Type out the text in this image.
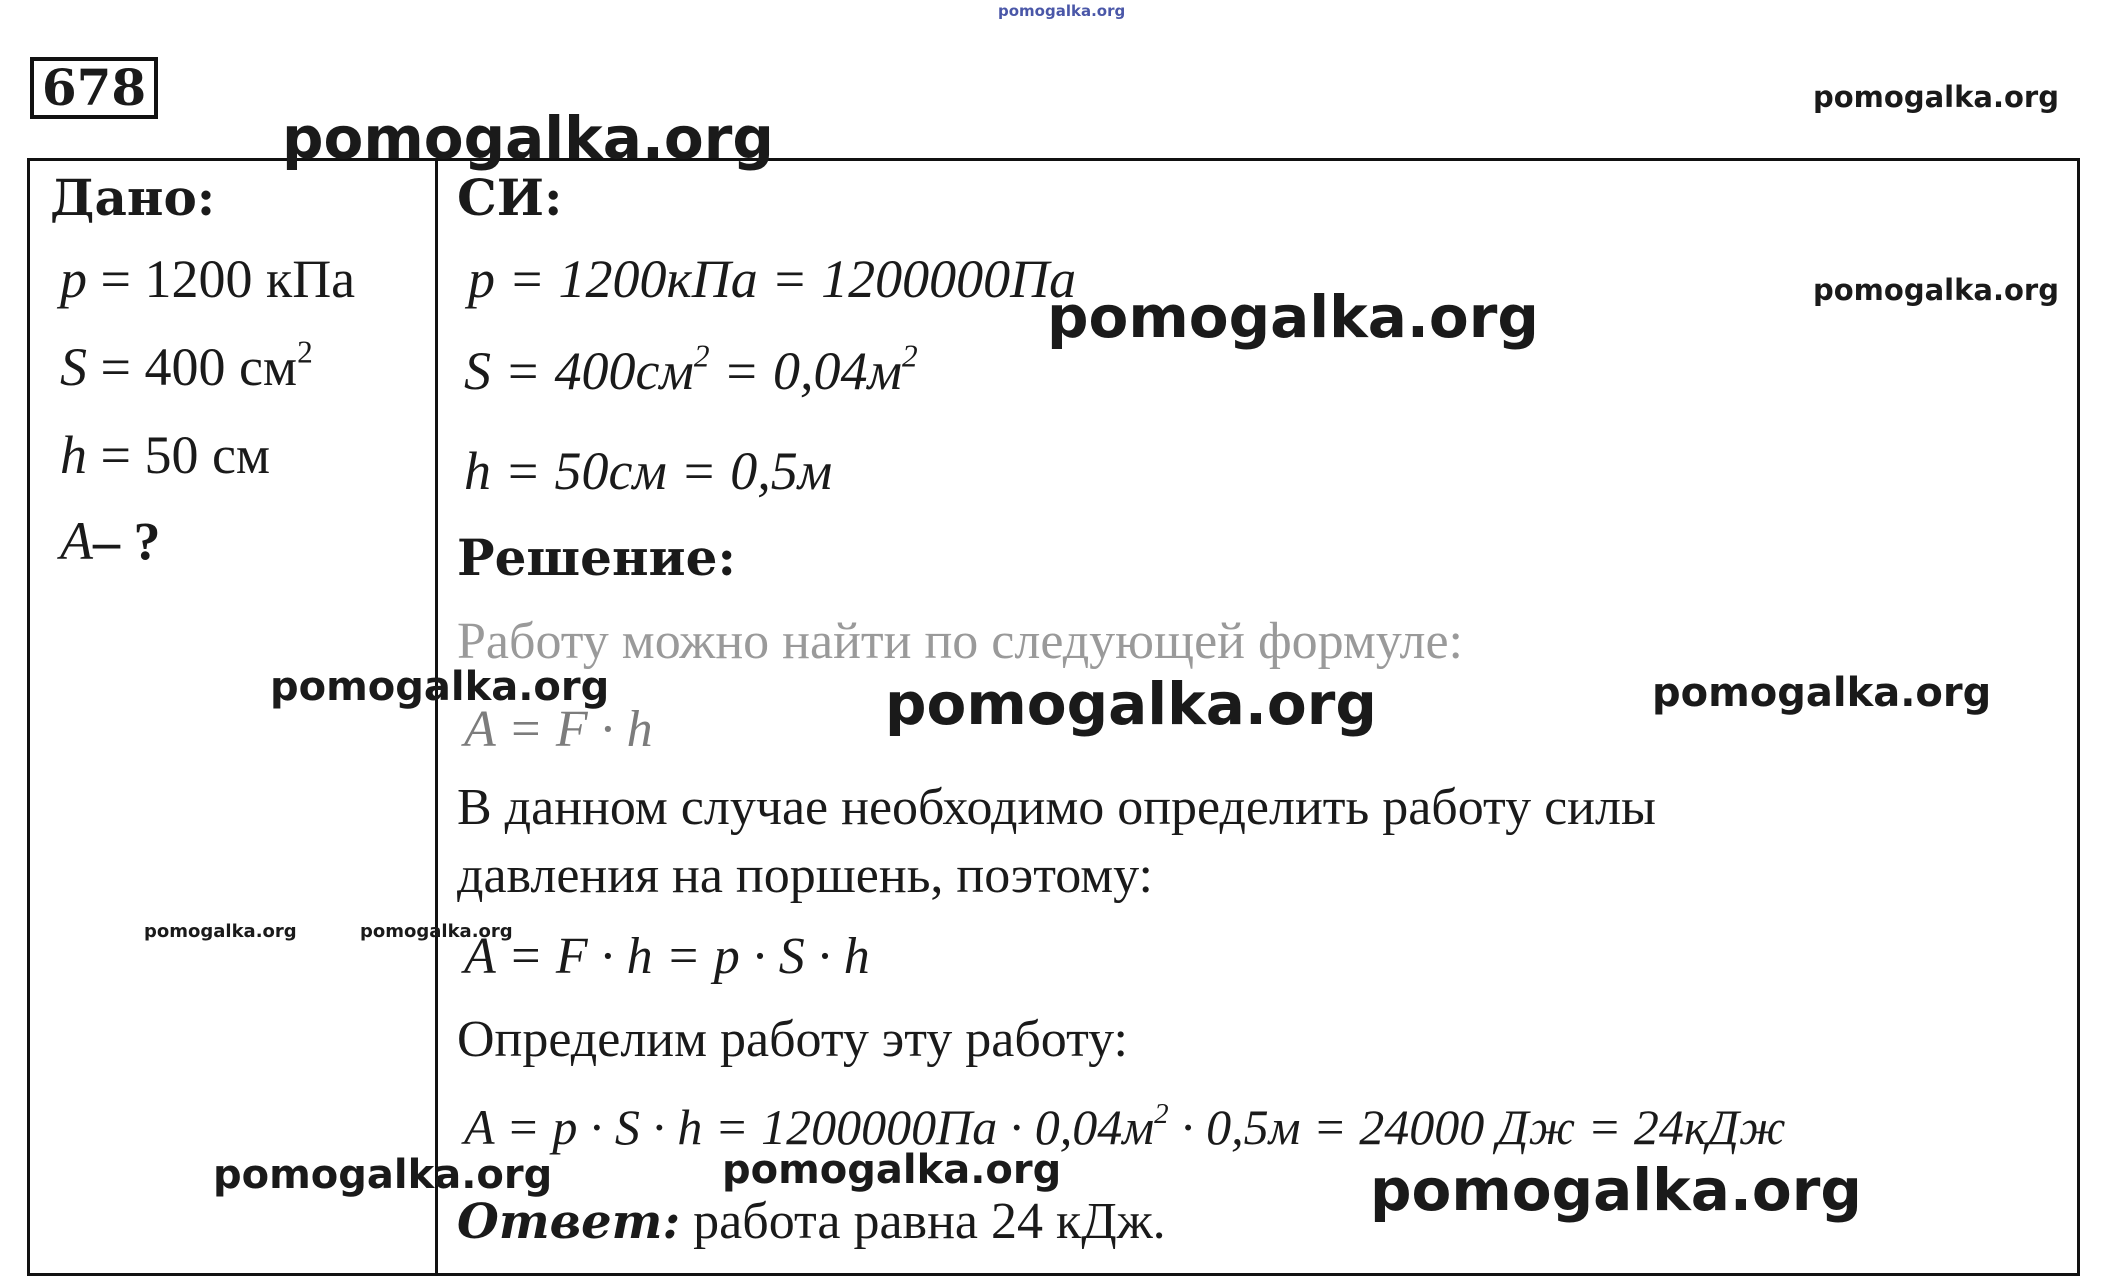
pomogalka.org
678
Дано:
p = 1200 кПа
S = 400 $см^2$
h = 50 см
A– ?
СИ:
p = 1200кПа = 1200000Па
$S = 400см^2 = 0,04м^2$
h = 50см = 0,5м
Решение:
Работу можно найти по следующей формуле:
A = F · h
В данном случае необходимо определить работу силы
давления на поршень, поэтому:
A = F · h = p · S · h
Определим работу эту работу:
$A = p \cdot S \cdot h = 1200000Па \cdot 0,04м^2 \cdot 0,5м = 24000$ Дж = 24кДж
Ответ: работа равна 24 кДж.
pomogalka.org
pomogalka.org
pomogalka.org
pomogalka.org
pomogalka.org	pomogalka.org	pomogalka.org
pomogalka.org	pomogalka.org
pomogalka.org	pomogalka.org	pomogalka.org
